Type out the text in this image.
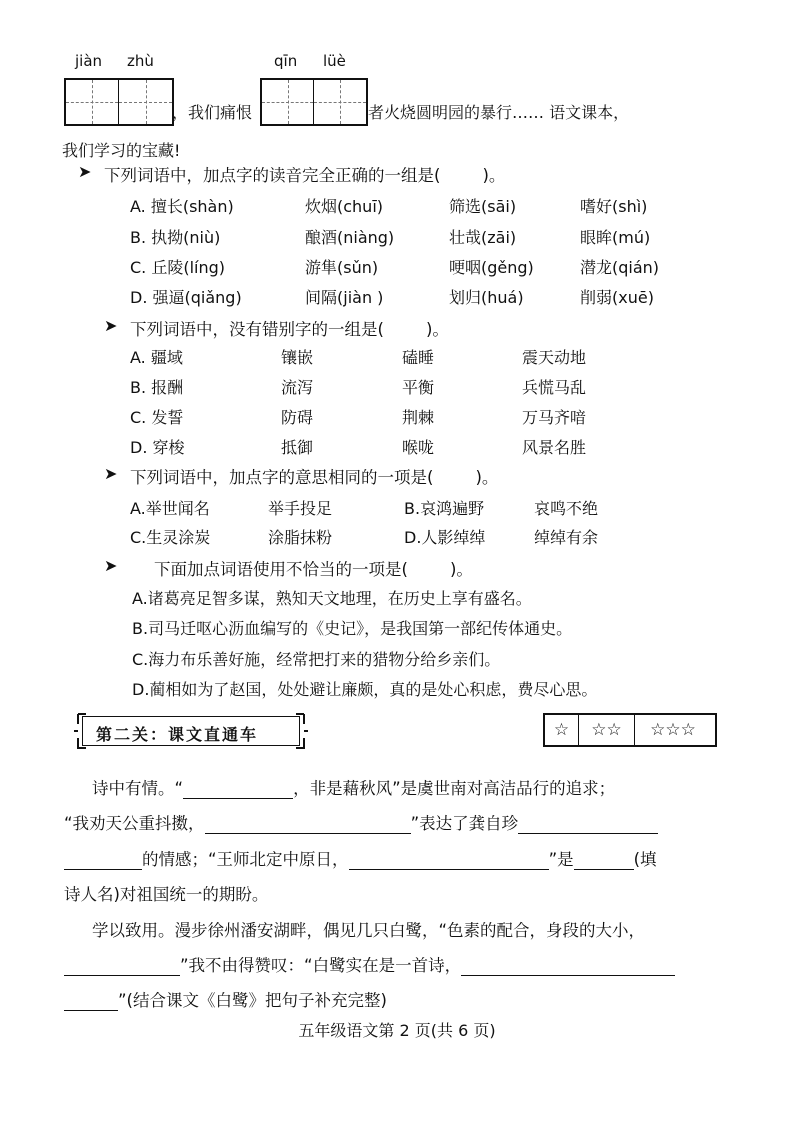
jiàn zhù	qīn lüè
，我们痛恨	者火烧圆明园的暴行…… 语文课本，
我们学习的宝藏!
➤ 下列词语中，加点字的读音完全正确的一组是(	)。
A. 擅长(shàn)	炊烟(chuī)	筛选(sāi)	嗜好(shì)
B. 执拗(niù)	酿酒(niàng)	壮哉(zāi)	眼眸(mú)
C. 丘陵(líng)	游隼(sǔn)	哽咽(gěng)	潜龙(qián)
D. 强逼(qiǎng)	间隔(jiàn )	划归(huá)	削弱(xuē)
➤ 下列词语中，没有错别字的一组是(	)。
A. 疆域	镶嵌	磕睡	震天动地
B. 报酬	流泻	平衡	兵慌马乱
C. 发誓	防碍	荆棘	万马齐喑
D. 穿梭	抵御	喉咙	风景名胜
➤ 下列词语中，加点字的意思相同的一项是(	)。
A.举世闻名	举手投足	B.哀鸿遍野	哀鸣不绝
C.生灵涂炭	涂脂抹粉	D.人影绰绰	绰绰有余
➤ 下面加点词语使用不恰当的一项是(	)。
A.诸葛亮足智多谋，熟知天文地理，在历史上享有盛名。
B.司马迁呕心沥血编写的《史记》，是我国第一部纪传体通史。
C.海力布乐善好施，经常把打来的猎物分给乡亲们。
D.蔺相如为了赵国，处处避让廉颇，真的是处心积虑，费尽心思。
第二关：课文直通车	☆	☆☆	☆☆☆
诗中有情。“	，非是藉秋风”是虞世南对高洁品行的追求；
“我劝天公重抖擞，	”表达了龚自珍
的情感；“王师北定中原日，	”是	(填
诗人名)对祖国统一的期盼。
学以致用。漫步徐州潘安湖畔，偶见几只白鹭，“色素的配合，身段的大小，
”我不由得赞叹：“白鹭实在是一首诗，
”(结合课文《白鹭》把句子补充完整)
五年级语文第 2 页(共 6 页)
